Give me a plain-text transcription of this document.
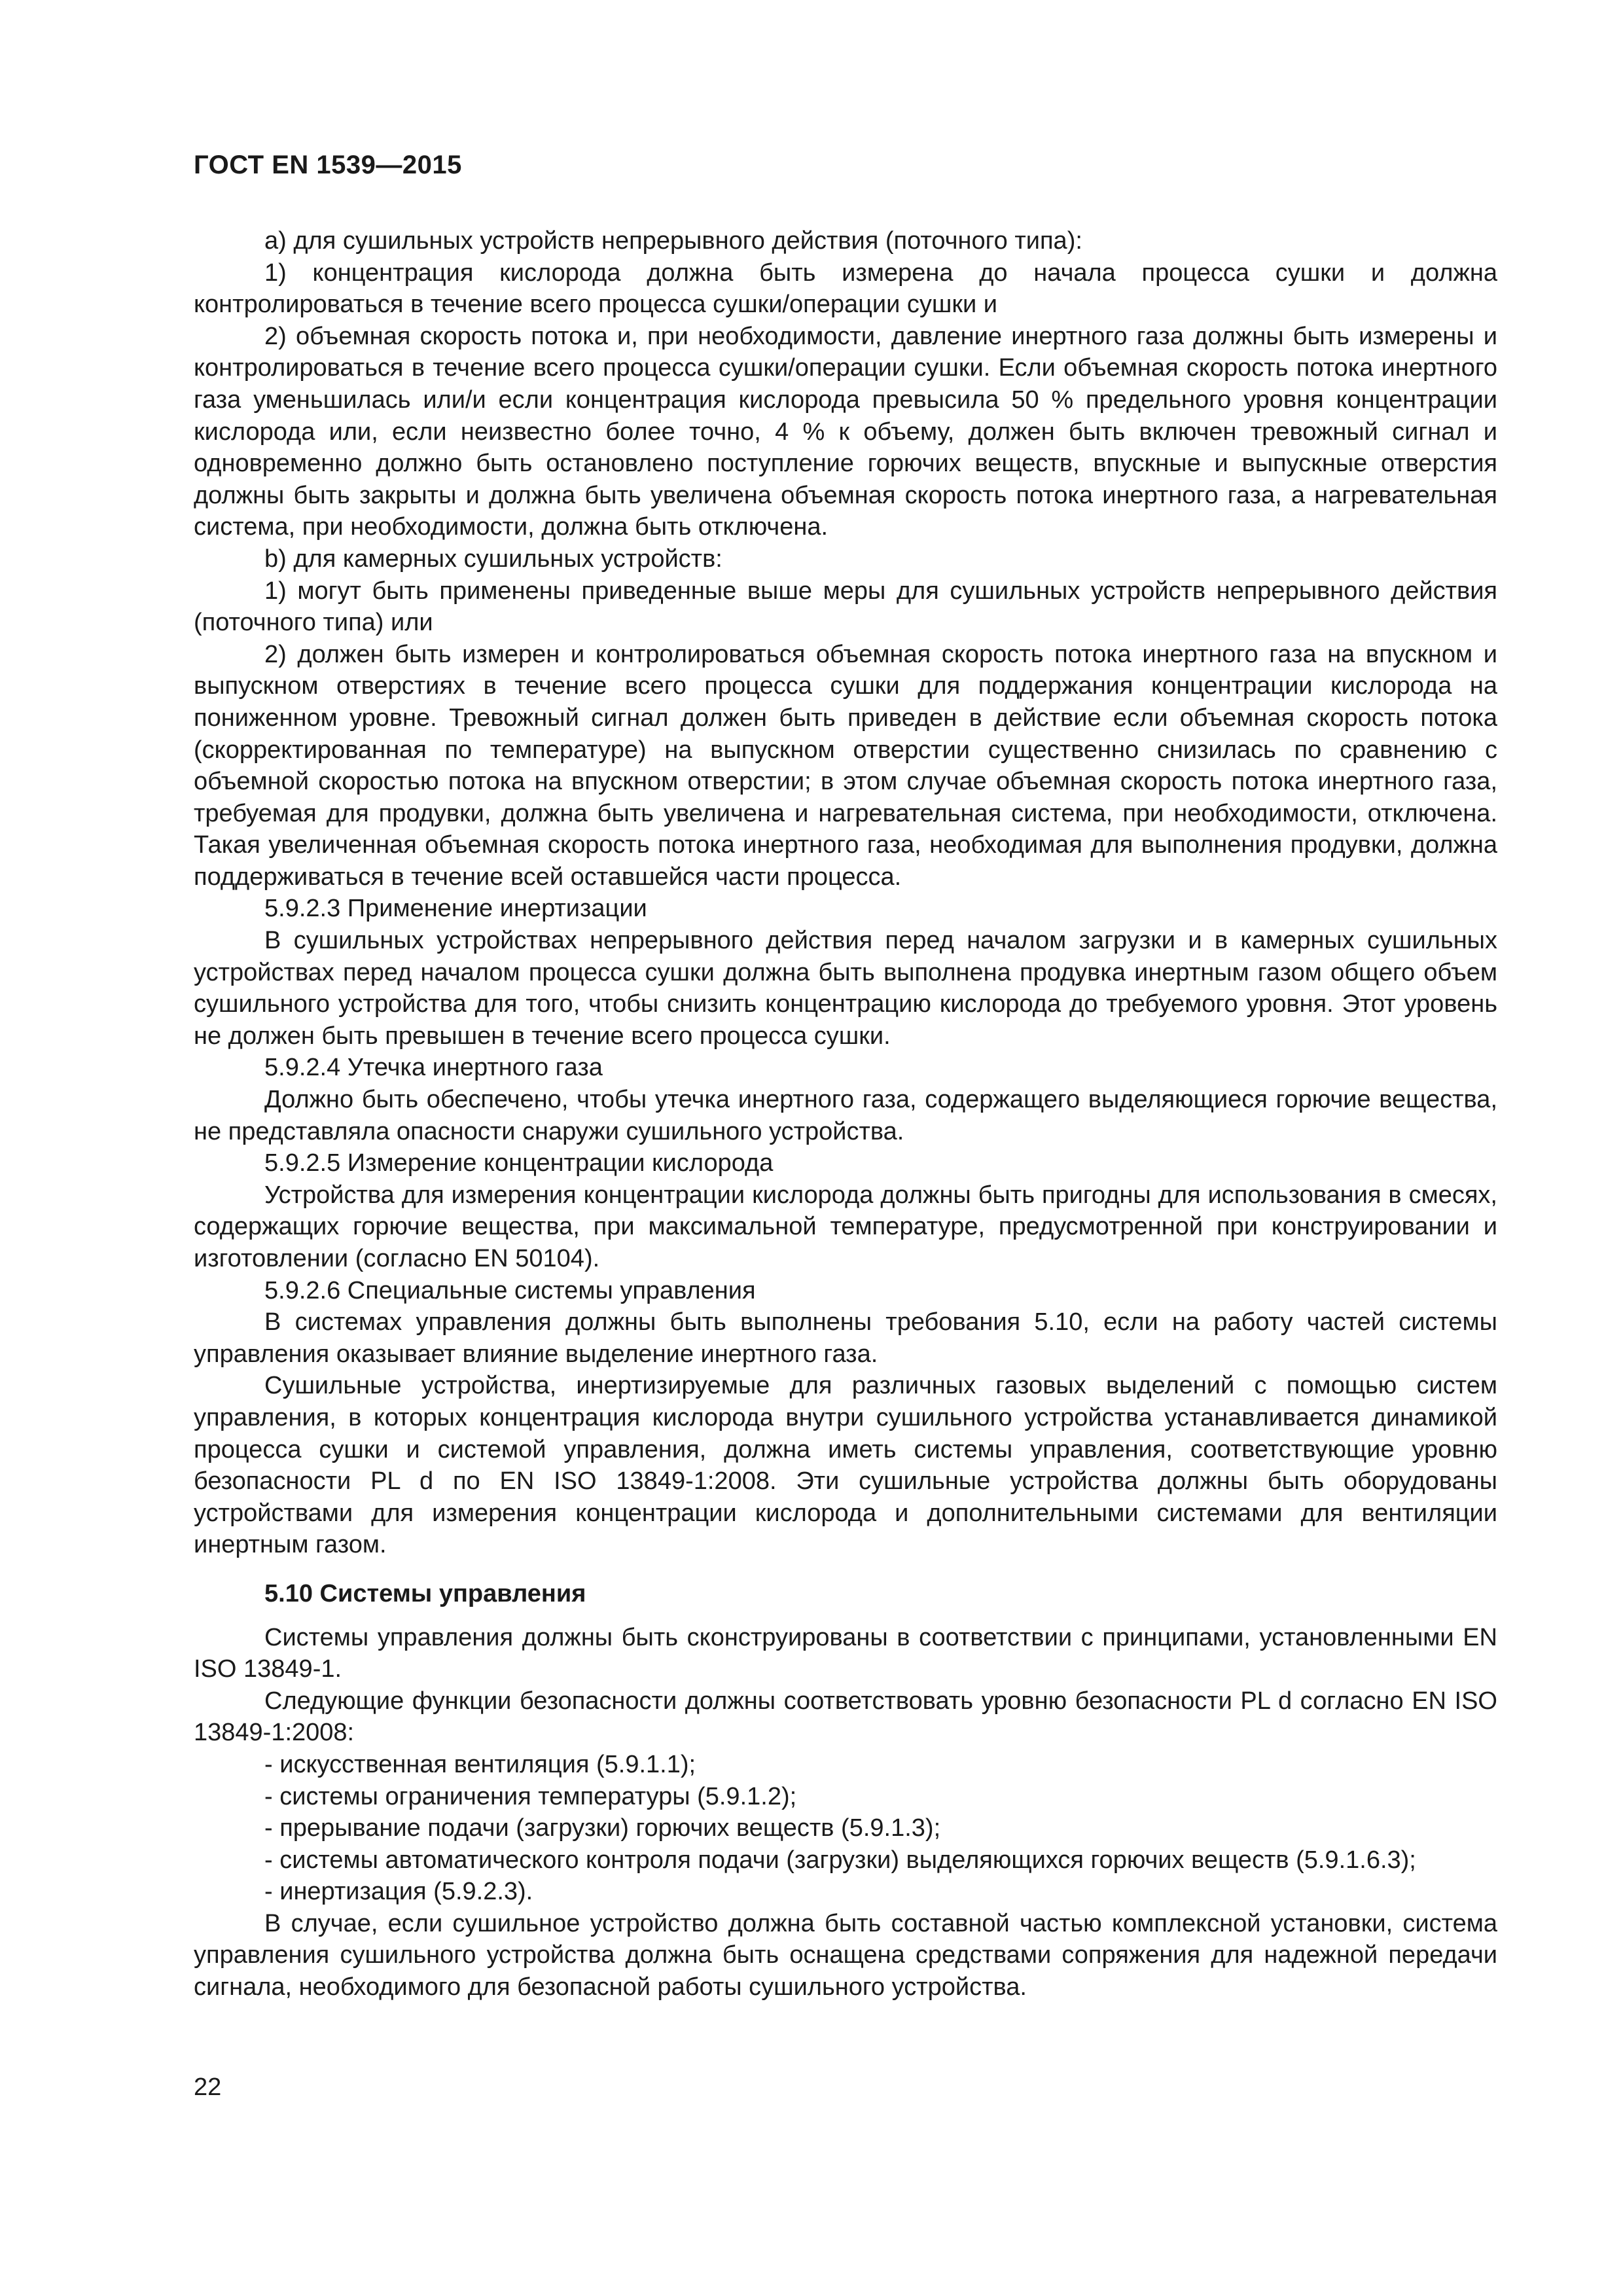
ГОСТ EN 1539—2015

а) для сушильных устройств непрерывного действия (поточного типа):

1) концентрация кислорода должна быть измерена до начала процесса сушки и должна контролироваться в течение всего процесса сушки/операции сушки и

2) объемная скорость потока и, при необходимости, давление инертного газа должны быть измерены и контролироваться в течение всего процесса сушки/операции сушки. Если объемная скорость потока инертного газа уменьшилась или/и если концентрация кислорода превысила 50 % предельного уровня концентрации кислорода или, если неизвестно более точно, 4 % к объему, должен быть включен тревожный сигнал и одновременно должно быть остановлено поступление горючих веществ, впускные и выпускные отверстия должны быть закрыты и должна быть увеличена объемная скорость потока инертного газа, а нагревательная система, при необходимости, должна быть отключена.

b) для камерных сушильных устройств:

1) могут быть применены приведенные выше меры для сушильных устройств непрерывного действия (поточного типа) или

2) должен быть измерен и контролироваться объемная скорость потока инертного газа на впускном и выпускном отверстиях в течение всего процесса сушки для поддержания концентрации кислорода на пониженном уровне. Тревожный сигнал должен быть приведен в действие если объемная скорость потока (скорректированная по температуре) на выпускном отверстии существенно снизилась по сравнению с объемной скоростью потока на впускном отверстии; в этом случае объемная скорость потока инертного газа, требуемая для продувки, должна быть увеличена и нагревательная система, при необходимости, отключена. Такая увеличенная объемная скорость потока инертного газа, необходимая для выполнения продувки, должна поддерживаться в течение всей оставшейся части процесса.

5.9.2.3 Применение инертизации

В сушильных устройствах непрерывного действия перед началом загрузки и в камерных сушильных устройствах перед началом процесса сушки должна быть выполнена продувка инертным газом общего объем сушильного устройства для того, чтобы снизить концентрацию кислорода до требуемого уровня. Этот уровень не должен быть превышен в течение всего процесса сушки.

5.9.2.4 Утечка инертного газа

Должно быть обеспечено, чтобы утечка инертного газа, содержащего выделяющиеся горючие вещества, не представляла опасности снаружи сушильного устройства.

5.9.2.5 Измерение концентрации кислорода

Устройства для измерения концентрации кислорода должны быть пригодны для использования в смесях, содержащих горючие вещества, при максимальной температуре, предусмотренной при конструировании и изготовлении (согласно EN 50104).

5.9.2.6 Специальные системы управления

В системах управления должны быть выполнены требования 5.10, если на работу частей системы управления оказывает влияние выделение инертного газа.

Сушильные устройства, инертизируемые для различных газовых выделений с помощью систем управления, в которых концентрация кислорода внутри сушильного устройства устанавливается динамикой процесса сушки и системой управления, должна иметь системы управления, соответствующие уровню безопасности PL d по EN ISO 13849-1:2008. Эти сушильные устройства должны быть оборудованы устройствами для измерения концентрации кислорода и дополнительными системами для вентиляции инертным газом.

5.10 Системы управления

Системы управления должны быть сконструированы в соответствии с принципами, установленными EN ISO 13849-1.

Следующие функции безопасности должны соответствовать уровню безопасности PL d согласно EN ISO 13849-1:2008:

- искусственная вентиляция (5.9.1.1);

- системы ограничения температуры (5.9.1.2);

- прерывание подачи (загрузки) горючих веществ (5.9.1.3);

- системы автоматического контроля подачи (загрузки) выделяющихся горючих веществ (5.9.1.6.3);

- инертизация (5.9.2.3).

В случае, если сушильное устройство должна быть составной частью комплексной установки, система управления сушильного устройства должна быть оснащена средствами сопряжения для надежной передачи сигнала, необходимого для безопасной работы сушильного устройства.

22
